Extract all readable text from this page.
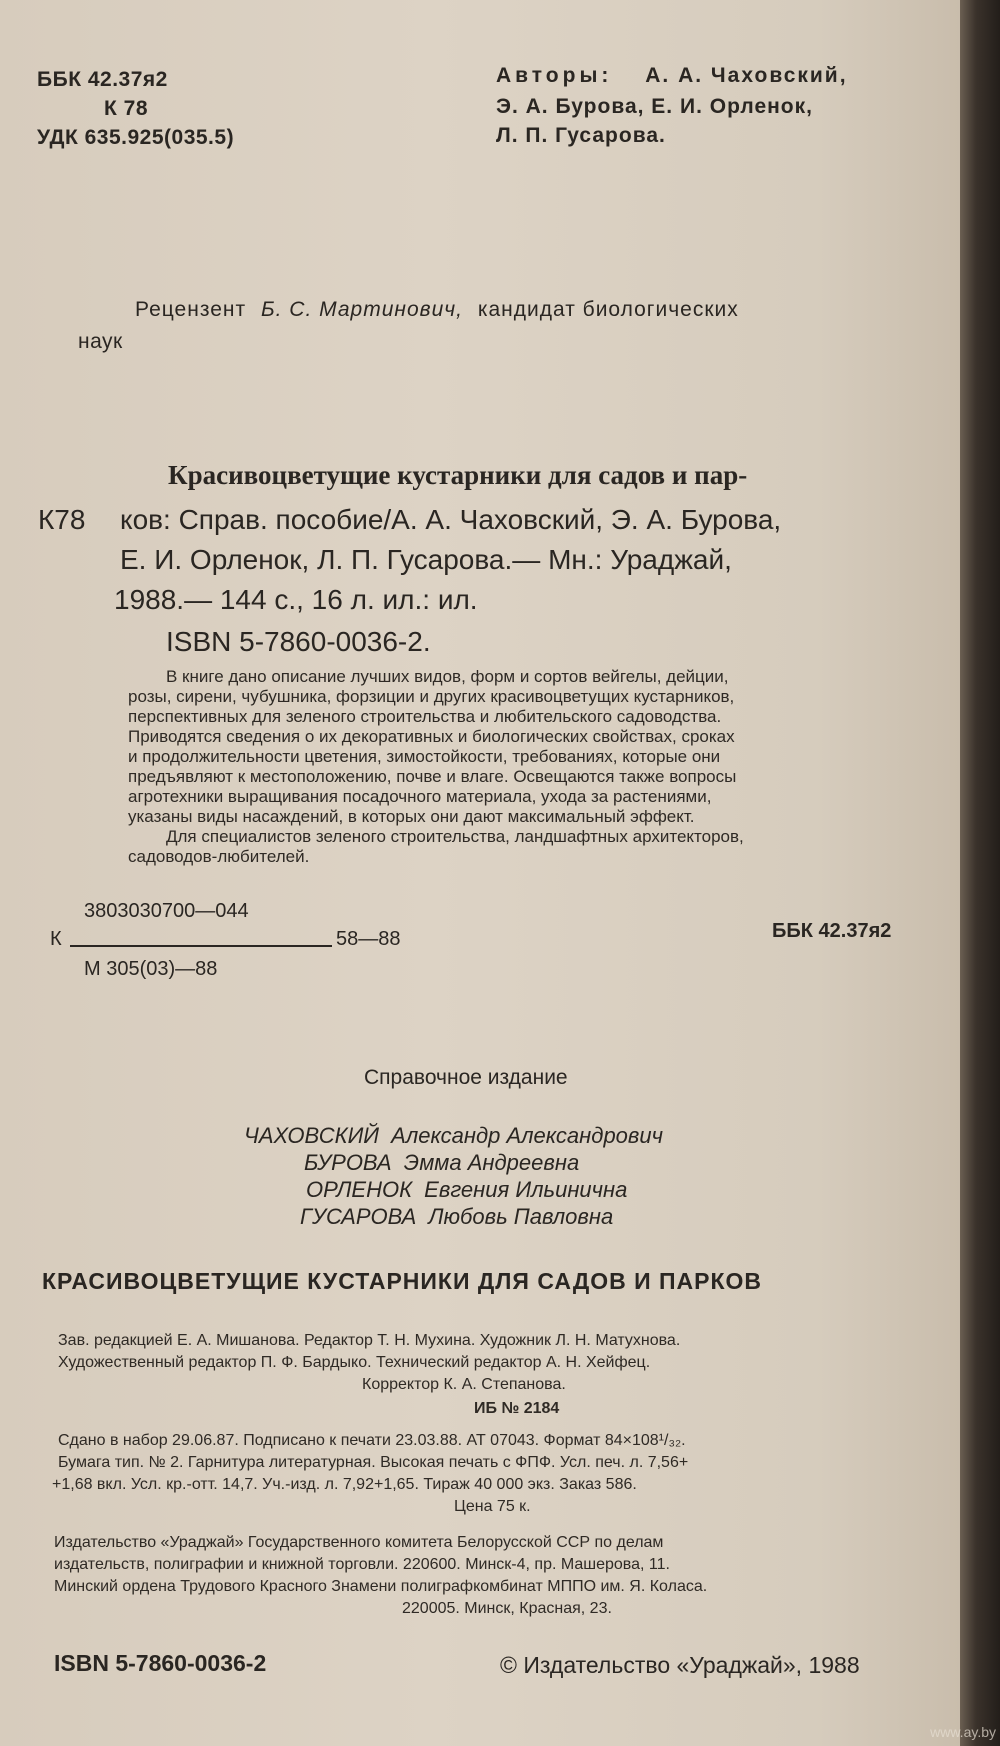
ББК 42.37я2
К 78
УДК 635.925(035.5)
Авторы: А. А. Чаховский,
Э. А. Бурова, Е. И. Орленок,
Л. П. Гусарова.
Рецензент Б. С. Мартинович, кандидат биологических
наук
Красивоцветущие кустарники для садов и пар-
К78 ков: Справ. пособие/А. А. Чаховский, Э. А. Бурова,
Е. И. Орленок, Л. П. Гусарова.— Мн.: Ураджай,
1988.— 144 с., 16 л. ил.: ил.
ISBN 5-7860-0036-2.
В книге дано описание лучших видов, форм и сортов вейгелы, дейции,
розы, сирени, чубушника, форзиции и других красивоцветущих кустарников,
перспективных для зеленого строительства и любительского садоводства.
Приводятся сведения о их декоративных и биологических свойствах, сроках
и продолжительности цветения, зимостойкости, требованиях, которые они
предъявляют к местоположению, почве и влаге. Освещаются также вопросы
агротехники выращивания посадочного материала, ухода за растениями,
указаны виды насаждений, в которых они дают максимальный эффект.
Для специалистов зеленого строительства, ландшафтных архитекторов,
садоводов-любителей.
3803030700—044
К	58—88
М 305(03)—88
ББК 42.37я2
Справочное издание
ЧАХОВСКИЙ Александр Александрович
БУРОВА Эмма Андреевна
ОРЛЕНОК Евгения Ильинична
ГУСАРОВА Любовь Павловна
КРАСИВОЦВЕТУЩИЕ КУСТАРНИКИ ДЛЯ САДОВ И ПАРКОВ
Зав. редакцией Е. А. Мишанова. Редактор Т. Н. Мухина. Художник Л. Н. Матухнова.
Художественный редактор П. Ф. Бардыко. Технический редактор А. Н. Хейфец.
Корректор К. А. Степанова.
ИБ № 2184
Сдано в набор 29.06.87. Подписано к печати 23.03.88. АТ 07043. Формат 84×108¹/₃₂.
Бумага тип. № 2. Гарнитура литературная. Высокая печать с ФПФ. Усл. печ. л. 7,56+
+1,68 вкл. Усл. кр.-отт. 14,7. Уч.-изд. л. 7,92+1,65. Тираж 40 000 экз. Заказ 586.
Цена 75 к.
Издательство «Ураджай» Государственного комитета Белорусской ССР по делам
издательств, полиграфии и книжной торговли. 220600. Минск-4, пр. Машерова, 11.
Минский ордена Трудового Красного Знамени полиграфкомбинат МППО им. Я. Коласа.
220005. Минск, Красная, 23.
ISBN 5-7860-0036-2	© Издательство «Ураджай», 1988
www.ay.by
